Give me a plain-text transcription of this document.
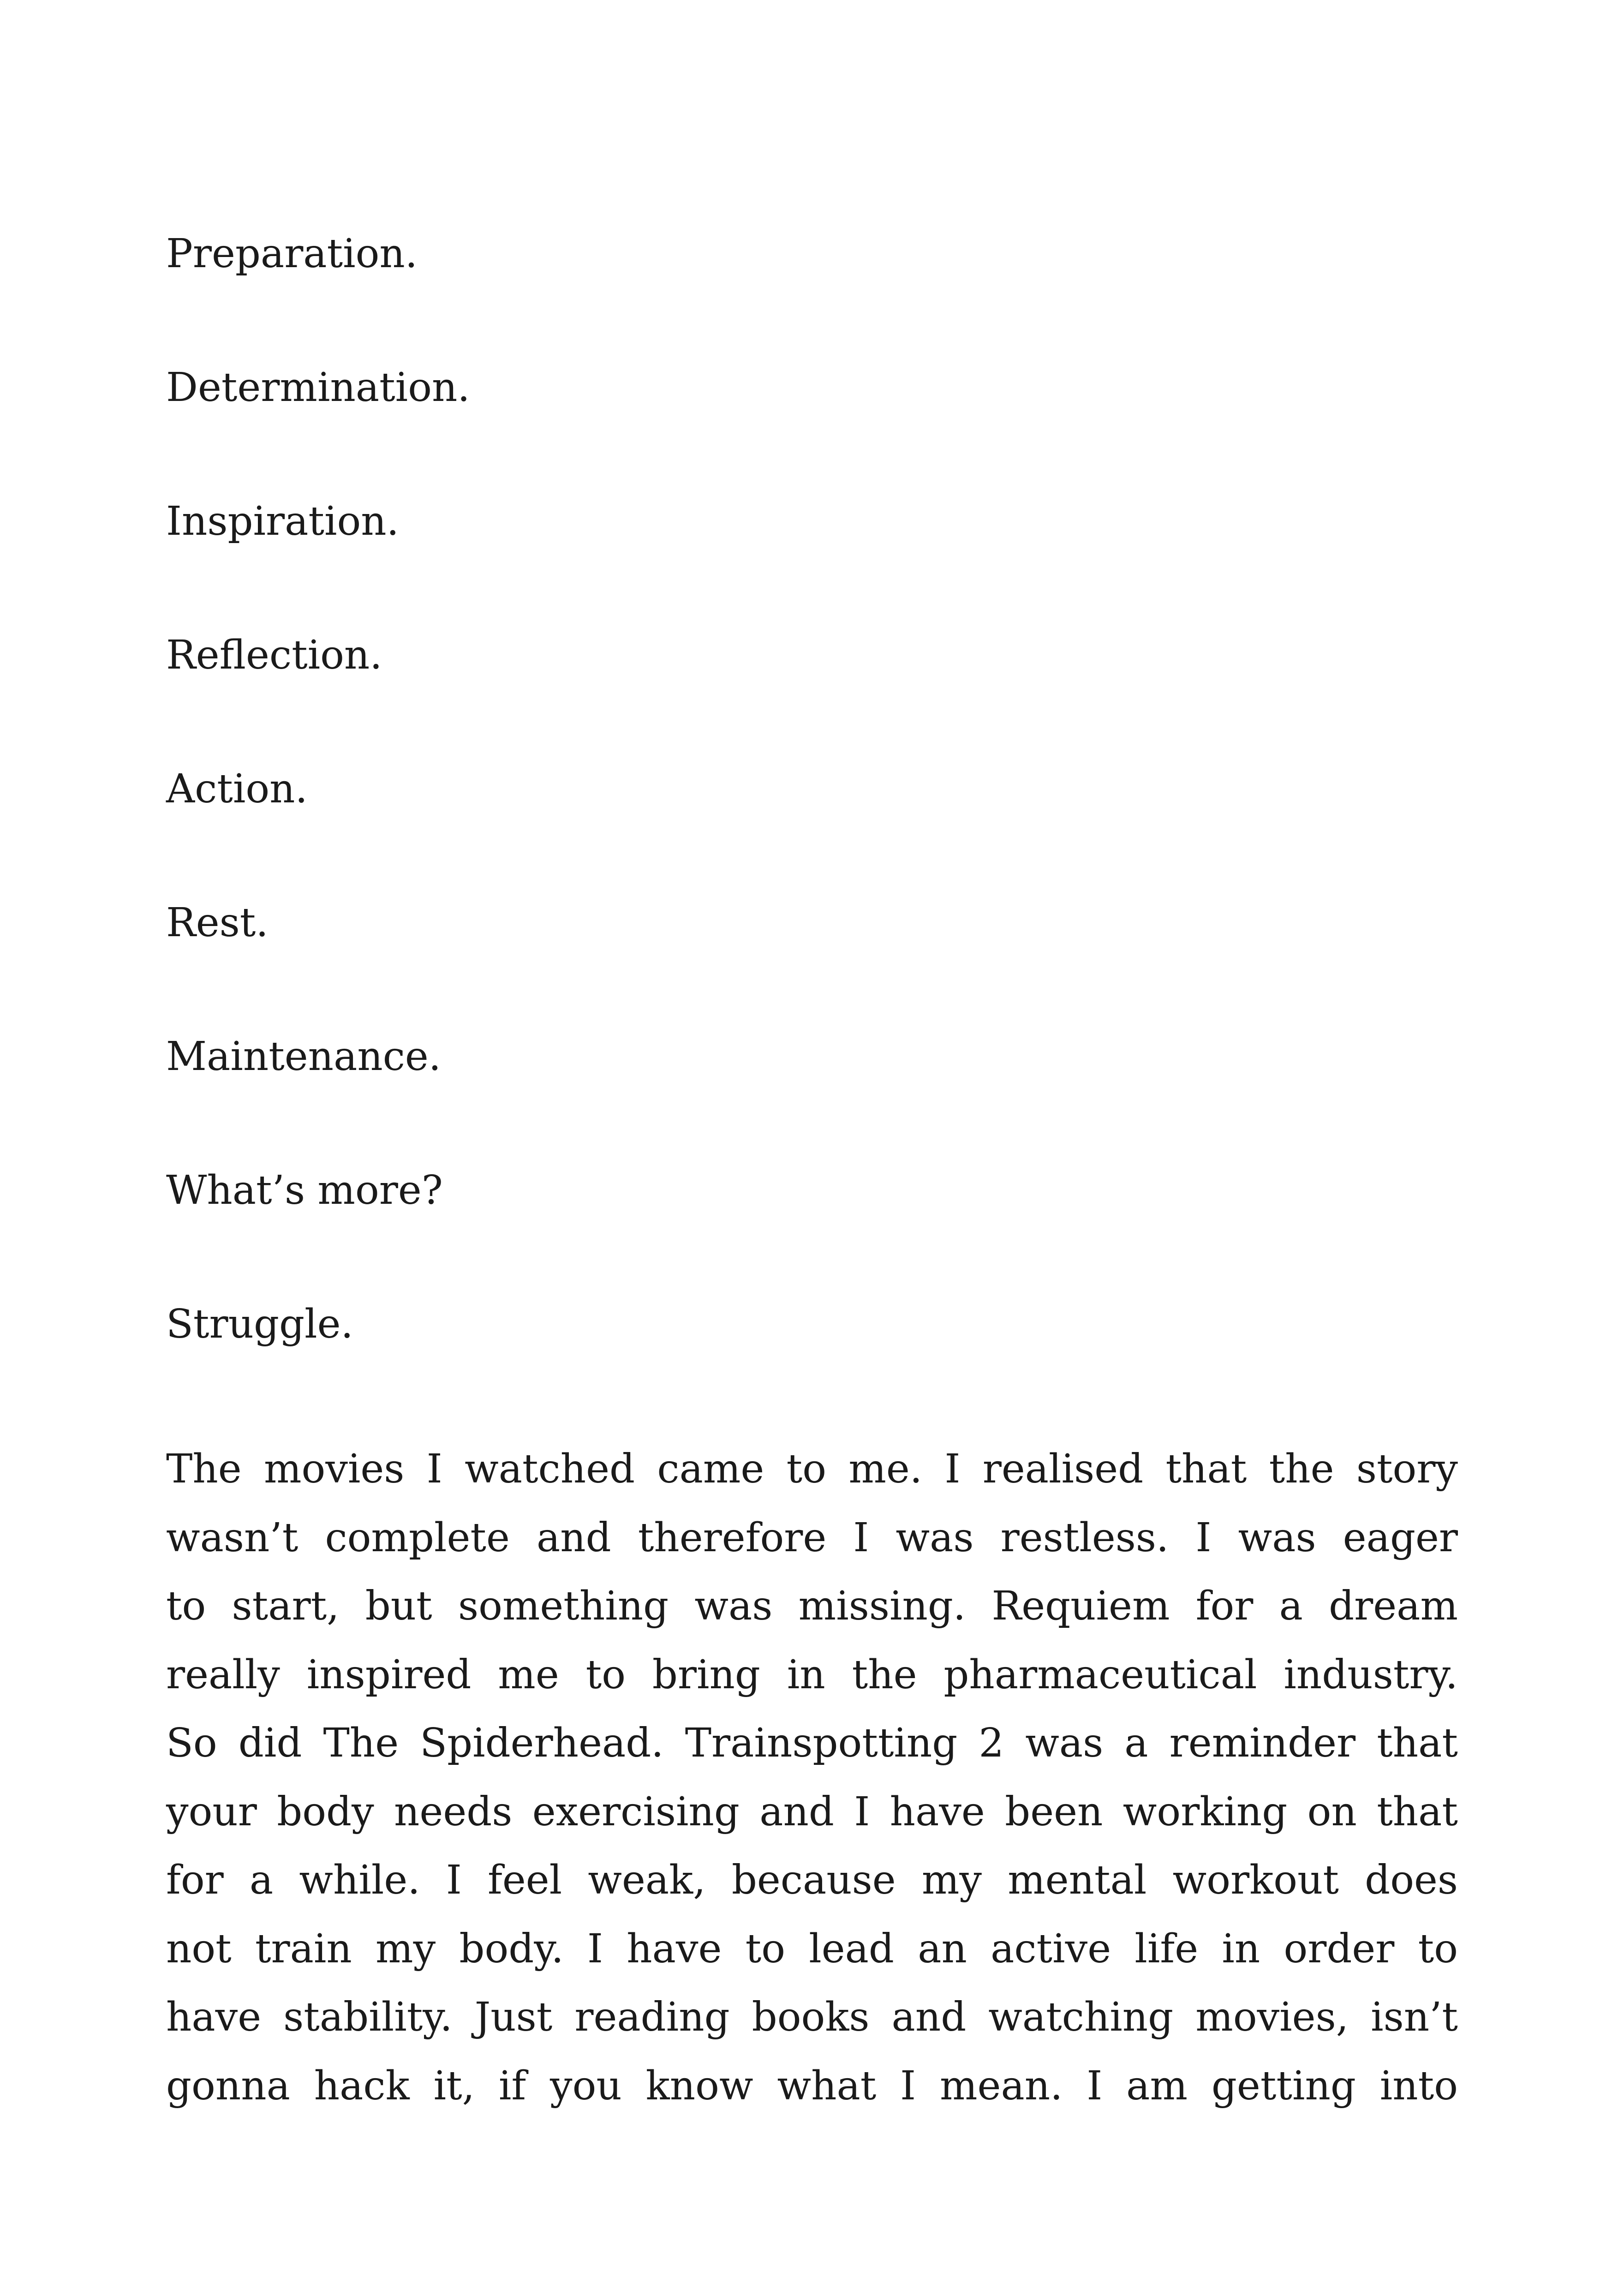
Preparation.

Determination.

Inspiration.

Reflection.

Action.

Rest.

Maintenance.

What’s more?

Struggle.

The movies I watched came to me. I realised that the story
wasn’t complete and therefore I was restless. I was eager
to start, but something was missing. Requiem for a dream
really inspired me to bring in the pharmaceutical industry.
So did The Spiderhead. Trainspotting 2 was a reminder that
your body needs exercising and I have been working on that
for a while. I feel weak, because my mental workout does
not train my body. I have to lead an active life in order to
have stability. Just reading books and watching movies, isn’t
gonna hack it, if you know what I mean. I am getting into
